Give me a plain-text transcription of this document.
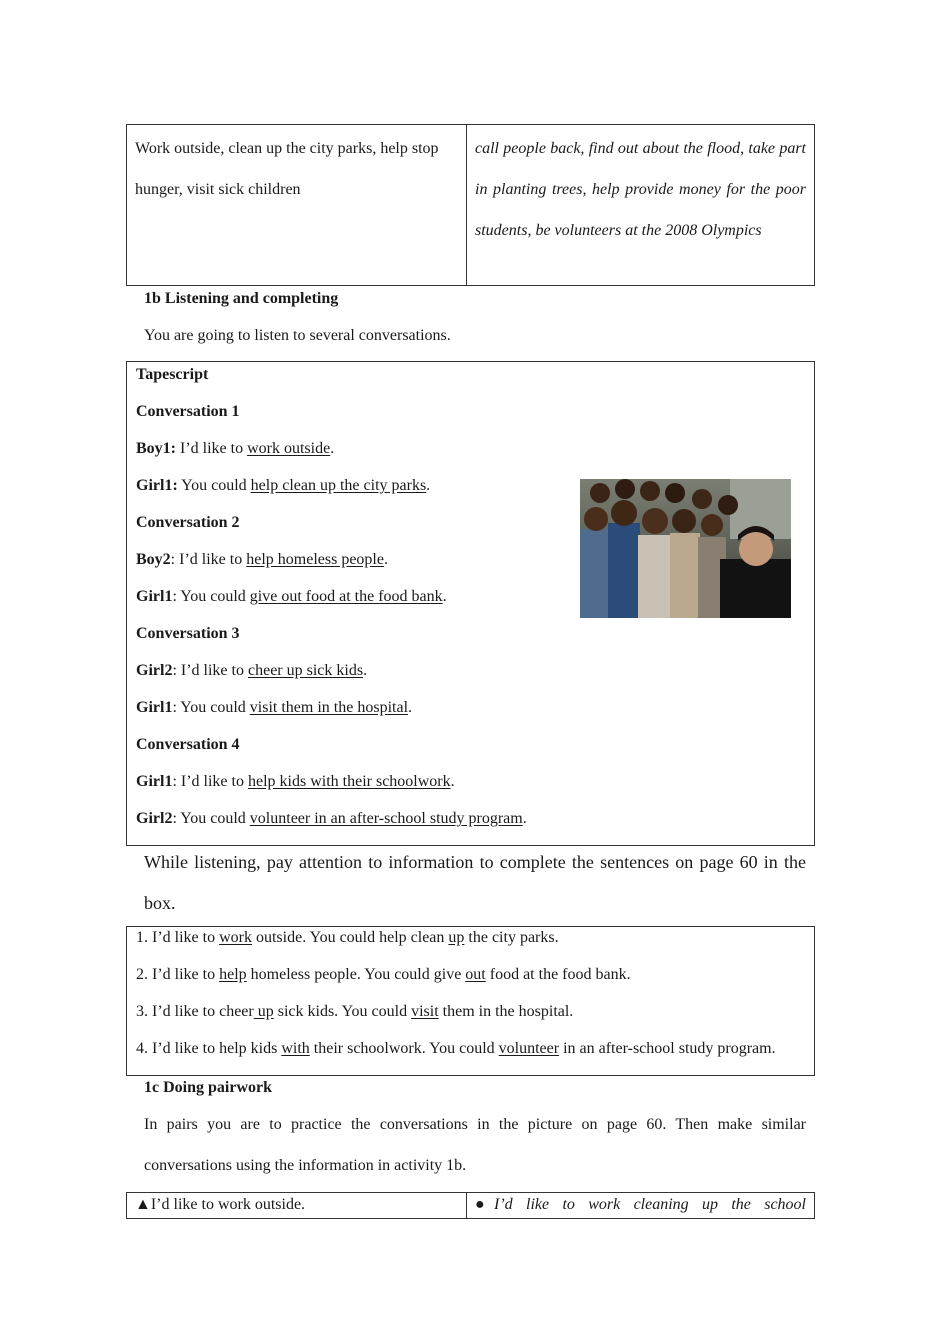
Work outside, clean up the city parks, help stop hunger, visit sick children
call people back, find out about the flood, take part in planting trees, help provide money for the poor students, be volunteers at the 2008 Olympics
1b Listening and completing
You are going to listen to several conversations.
Tapescript
Conversation 1
Boy1: I’d like to work outside.
Girl1: You could help clean up the city parks.
Conversation 2
Boy2: I’d like to help homeless people.
Girl1: You could give out food at the food bank.
Conversation 3
Girl2: I’d like to cheer up sick kids.
Girl1: You could visit them in the hospital.
Conversation 4
Girl1: I’d like to help kids with their schoolwork.
Girl2: You could volunteer in an after-school study program.
While listening, pay attention to information to complete the sentences on page 60 in the box.
1. I’d like to work outside. You could help clean up the city parks.
2. I’d like to help homeless people. You could give out food at the food bank.
3. I’d like to cheer up sick kids. You could visit them in the hospital.
4. I’d like to help kids with their schoolwork. You could volunteer in an after-school study program.
1c Doing pairwork
In pairs you are to practice the conversations in the picture on page 60. Then make similar conversations using the information in activity 1b.
▲I’d like to work outside.	●I’d like to work cleaning up the school
